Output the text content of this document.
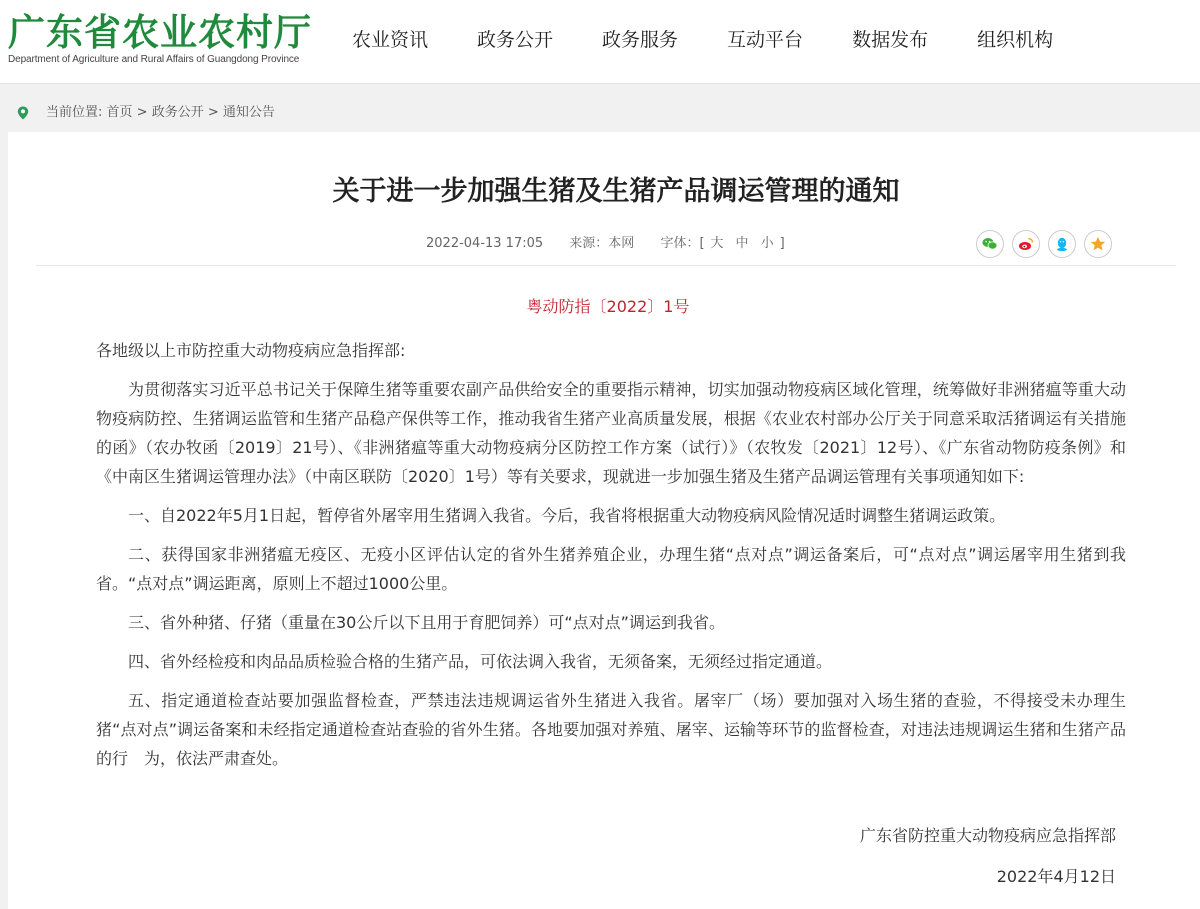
广东省农业农村厅
Department of Agriculture and Rural Affairs of Guangdong Province
农业资讯	政务公开	政务服务	互动平台	数据发布	组织机构
当前位置: 首页 > 政务公开 > 通知公告
关于进一步加强生猪及生猪产品调运管理的通知
2022-04-13 17:05 来源：本网 字体：[ 大 中 小 ]
粤动防指〔2022〕1号

各地级以上市防控重大动物疫病应急指挥部:

为贯彻落实习近平总书记关于保障生猪等重要农副产品供给安全的重要指示精神，切实加强动物疫病区域化管理，统筹做好非洲猪瘟等重大动物疫病防控、生猪调运监管和生猪产品稳产保供等工作，推动我省生猪产业高质量发展，根据《农业农村部办公厅关于同意采取活猪调运有关措施的函》（农办牧函〔2019〕21号）、《非洲猪瘟等重大动物疫病分区防控工作方案（试行）》（农牧发〔2021〕12号）、《广东省动物防疫条例》和《中南区生猪调运管理办法》（中南区联防〔2020〕1号）等有关要求，现就进一步加强生猪及生猪产品调运管理有关事项通知如下:

一、自2022年5月1日起，暂停省外屠宰用生猪调入我省。今后，我省将根据重大动物疫病风险情况适时调整生猪调运政策。

二、获得国家非洲猪瘟无疫区、无疫小区评估认定的省外生猪养殖企业，办理生猪“点对点”调运备案后，可“点对点”调运屠宰用生猪到我省。“点对点”调运距离，原则上不超过1000公里。

三、省外种猪、仔猪（重量在30公斤以下且用于育肥饲养）可“点对点”调运到我省。

四、省外经检疫和肉品品质检验合格的生猪产品，可依法调入我省，无须备案，无须经过指定通道。

五、指定通道检查站要加强监督检查，严禁违法违规调运省外生猪进入我省。屠宰厂（场）要加强对入场生猪的查验，不得接受未办理生猪“点对点”调运备案和未经指定通道检查站查验的省外生猪。各地要加强对养殖、屠宰、运输等环节的监督检查，对违法违规调运生猪和生猪产品的行　为，依法严肃查处。

广东省防控重大动物疫病应急指挥部
2022年4月12日
